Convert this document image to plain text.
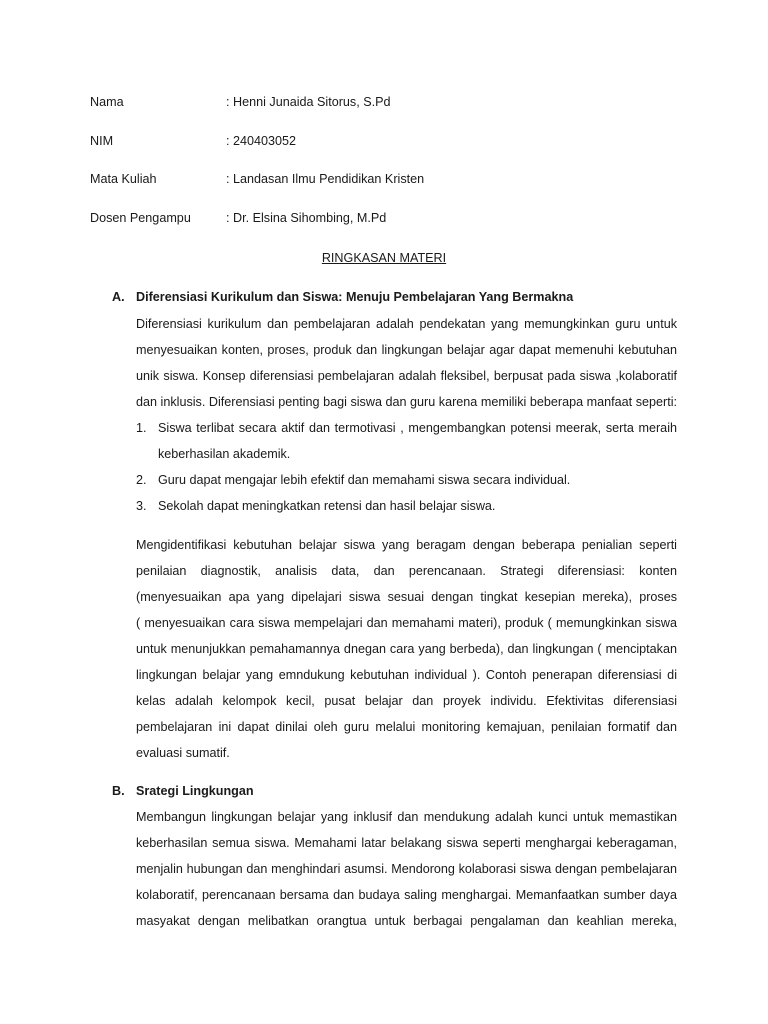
Nama	: Henni Junaida Sitorus, S.Pd
NIM	: 240403052
Mata Kuliah	: Landasan Ilmu Pendidikan Kristen
Dosen Pengampu	: Dr. Elsina Sihombing, M.Pd
RINGKASAN MATERI
A. Diferensiasi Kurikulum dan Siswa: Menuju Pembelajaran Yang Bermakna
Diferensiasi kurikulum dan pembelajaran adalah pendekatan yang memungkinkan guru untuk
menyesuaikan konten, proses, produk dan lingkungan belajar agar dapat memenuhi kebutuhan
unik siswa. Konsep diferensiasi pembelajaran adalah fleksibel, berpusat pada siswa ,kolaboratif
dan inklusis. Diferensiasi penting bagi siswa dan guru karena memiliki beberapa manfaat seperti:
1. Siswa terlibat secara aktif dan termotivasi , mengembangkan potensi meerak, serta meraih
keberhasilan akademik.
2. Guru dapat mengajar lebih efektif dan memahami siswa secara individual.
3. Sekolah dapat meningkatkan retensi dan hasil belajar siswa.
Mengidentifikasi kebutuhan belajar siswa yang beragam dengan beberapa penialian seperti
penilaian diagnostik, analisis data, dan perencanaan. Strategi diferensiasi: konten
(menyesuaikan apa yang dipelajari siswa sesuai dengan tingkat kesepian mereka), proses
( menyesuaikan cara siswa mempelajari dan memahami materi), produk ( memungkinkan siswa
untuk menunjukkan pemahamannya dnegan cara yang berbeda), dan lingkungan ( menciptakan
lingkungan belajar yang emndukung kebutuhan individual ). Contoh penerapan diferensiasi di
kelas adalah kelompok kecil, pusat belajar dan proyek individu. Efektivitas diferensiasi
pembelajaran ini dapat dinilai oleh guru melalui monitoring kemajuan, penilaian formatif dan
evaluasi sumatif.
B. Srategi Lingkungan
Membangun lingkungan belajar yang inklusif dan mendukung adalah kunci untuk memastikan
keberhasilan semua siswa. Memahami latar belakang siswa seperti menghargai keberagaman,
menjalin hubungan dan menghindari asumsi. Mendorong kolaborasi siswa dengan pembelajaran
kolaboratif, perencanaan bersama dan budaya saling menghargai. Memanfaatkan sumber daya
masyakat dengan melibatkan orangtua untuk berbagai pengalaman dan keahlian mereka,
